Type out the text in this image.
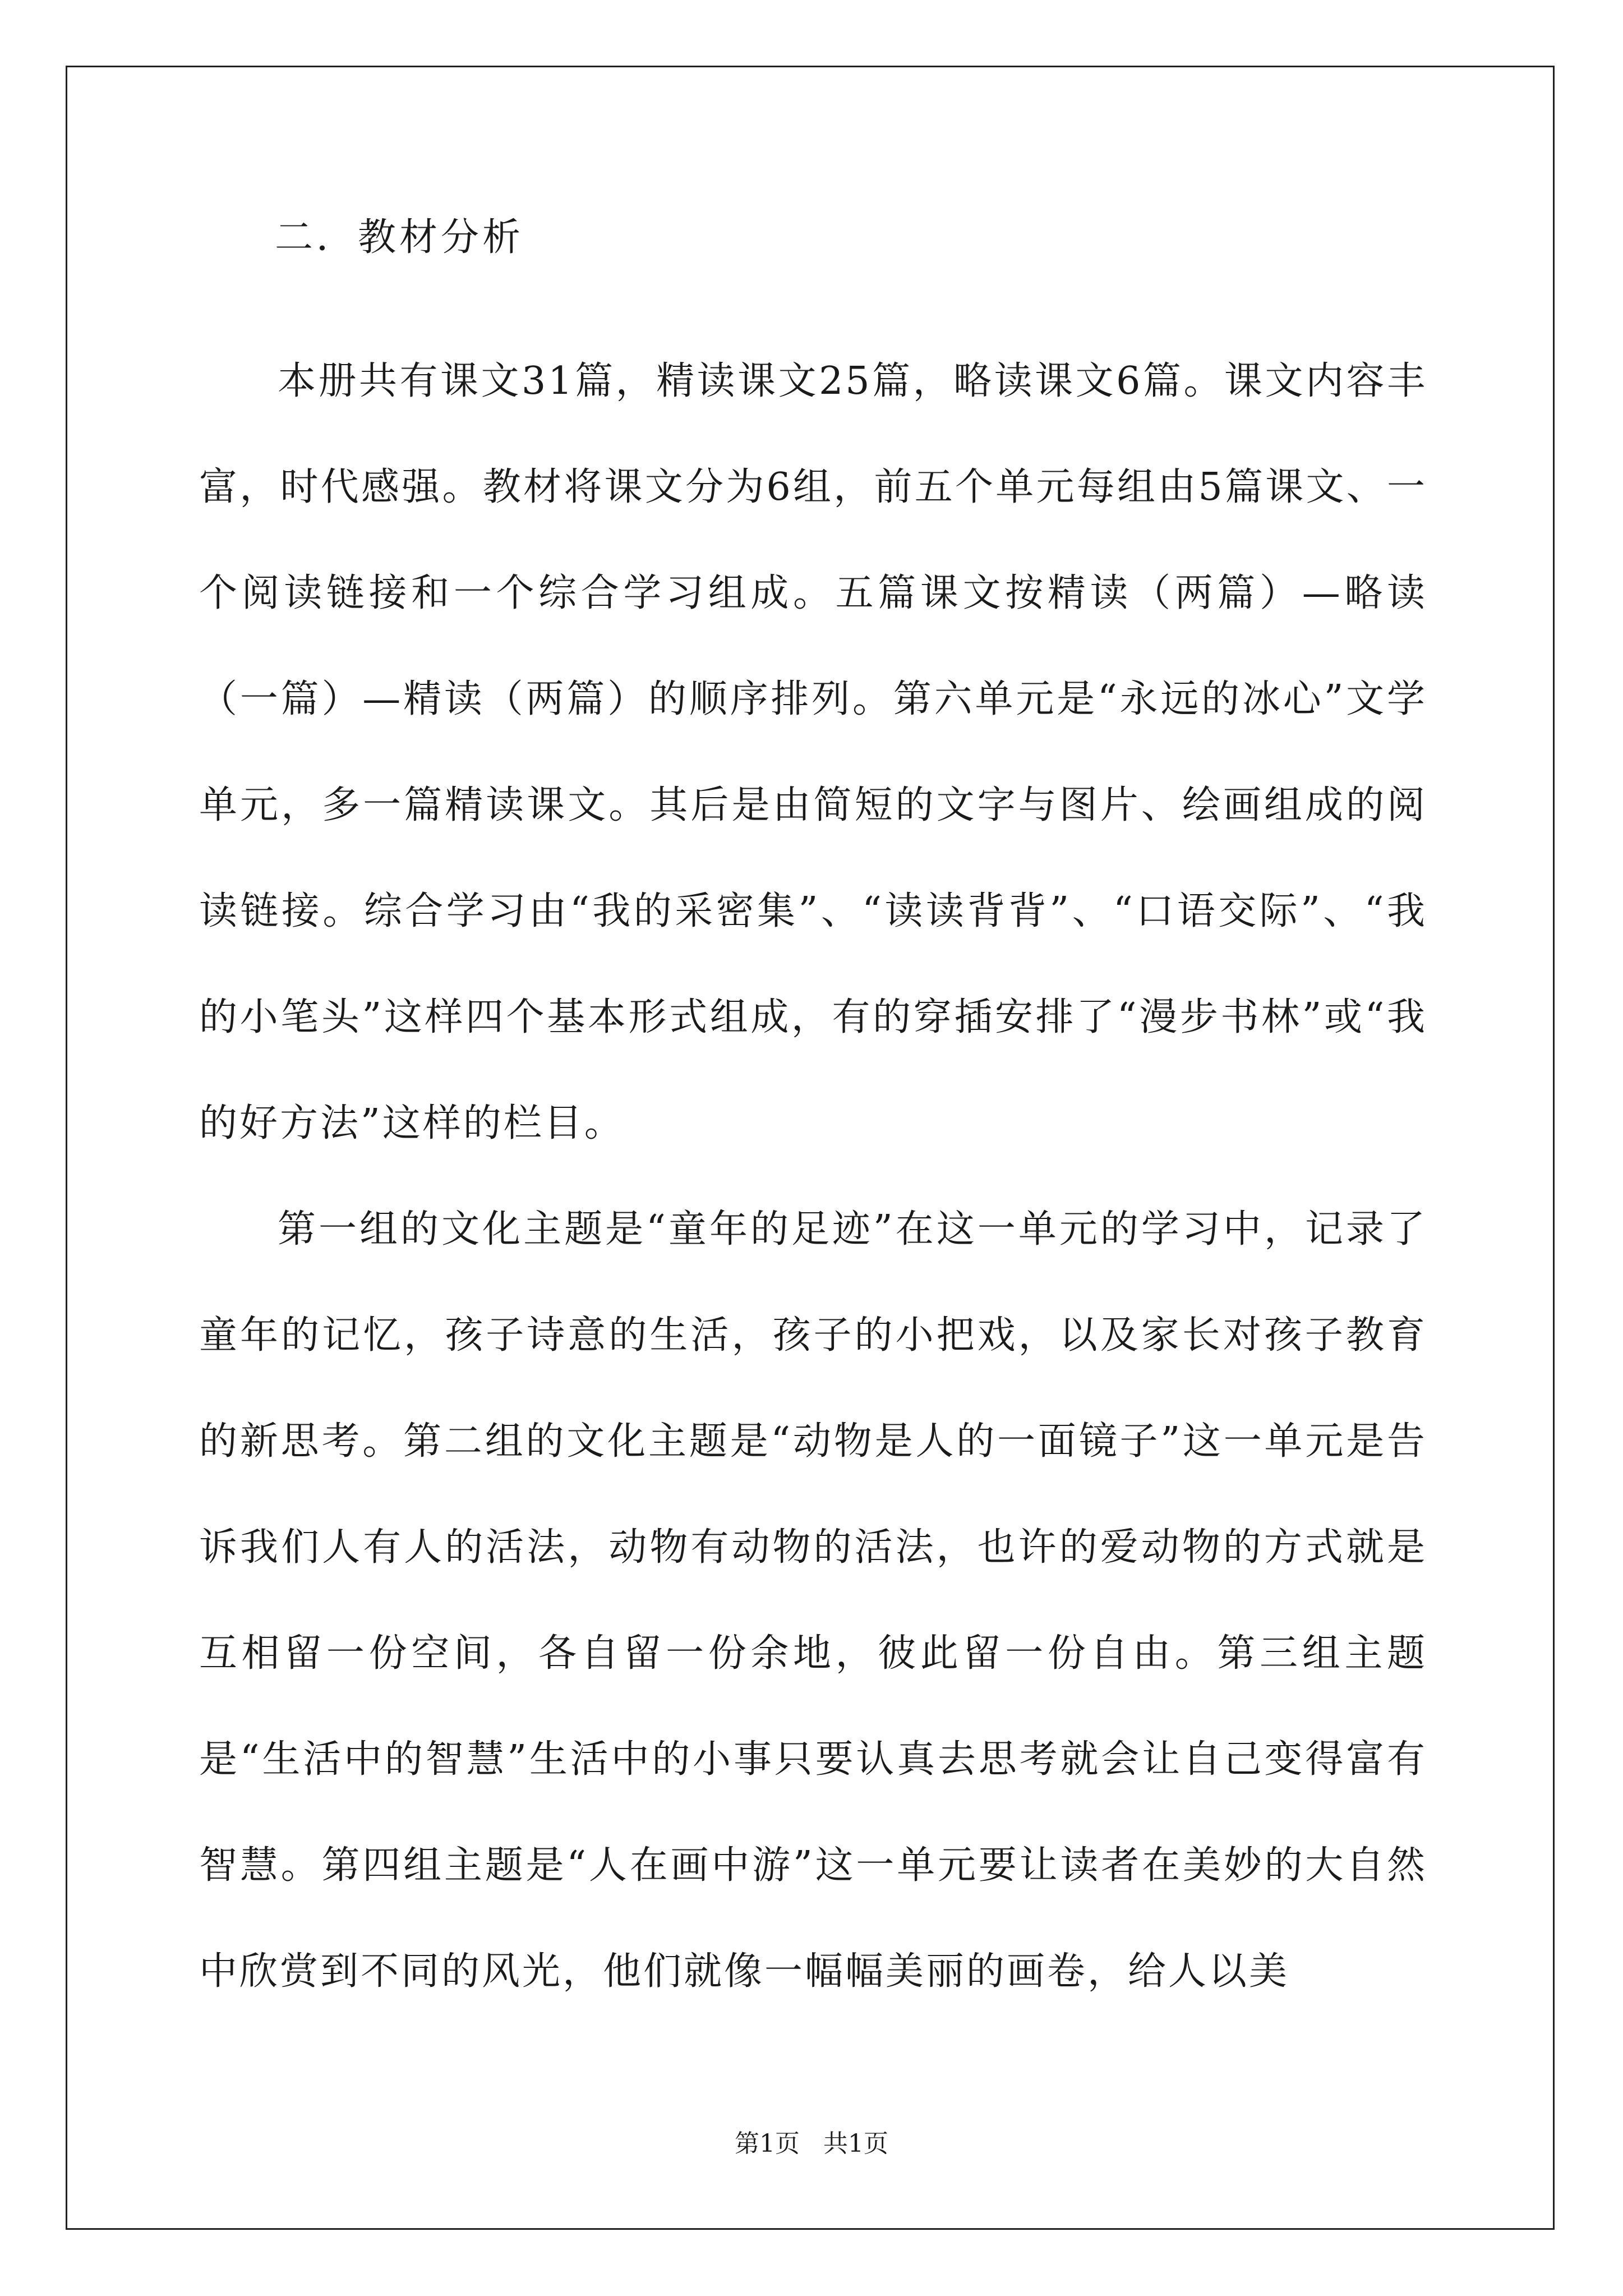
二．教材分析

本册共有课文31篇，精读课文25篇，略读课文6篇。课文内容丰富，时代感强。教材将课文分为6组，前五个单元每组由5篇课文、一个阅读链接和一个综合学习组成。五篇课文按精读（两篇）—略读（一篇）—精读（两篇）的顺序排列。第六单元是“永远的冰心”文学单元，多一篇精读课文。其后是由简短的文字与图片、绘画组成的阅读链接。综合学习由“我的采密集”、“读读背背”、“口语交际”、“我的小笔头”这样四个基本形式组成，有的穿插安排了“漫步书林”或“我的好方法”这样的栏目。

第一组的文化主题是“童年的足迹”在这一单元的学习中，记录了童年的记忆，孩子诗意的生活，孩子的小把戏，以及家长对孩子教育的新思考。第二组的文化主题是“动物是人的一面镜子”这一单元是告诉我们人有人的活法，动物有动物的活法，也许的爱动物的方式就是互相留一份空间，各自留一份余地，彼此留一份自由。第三组主题是“生活中的智慧”生活中的小事只要认真去思考就会让自己变得富有智慧。第四组主题是“人在画中游”这一单元要让读者在美妙的大自然中欣赏到不同的风光，他们就像一幅幅美丽的画卷，给人以美

第1页   共1页
